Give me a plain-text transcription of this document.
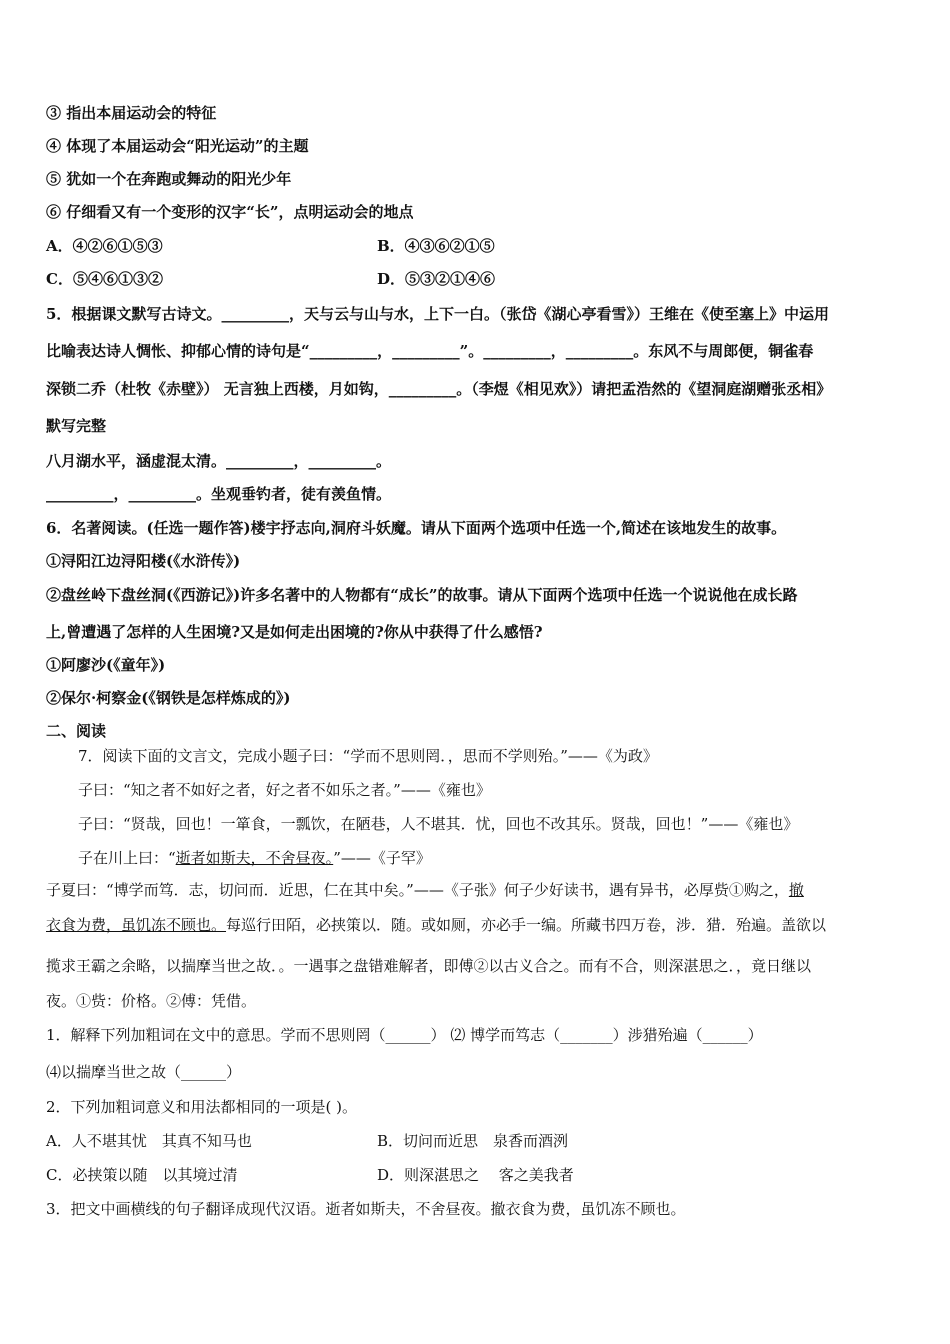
③ 指出本届运动会的特征
④ 体现了本届运动会“阳光运动”的主题
⑤ 犹如一个在奔跑或舞动的阳光少年
⑥ 仔细看又有一个变形的汉字“长”，点明运动会的地点
A．④②⑥①⑤③	B．④③⑥②①⑤
C．⑤④⑥①③②	D．⑤③②①④⑥
5．根据课文默写古诗文。_________，天与云与山与水，上下一白。（张岱《湖心亭看雪》）王维在《使至塞上》中运用
比喻表达诗人惆怅、抑郁心情的诗句是“_________，_________”。_________，_________。东风不与周郎便，铜雀春
深锁二乔（杜牧《赤壁》） 无言独上西楼，月如钩，_________。（李煜《相见欢》）请把孟浩然的《望洞庭湖赠张丞相》
默写完整
八月湖水平，涵虚混太清。_________，_________。
_________，_________。坐观垂钓者，徒有羡鱼情。
6．名著阅读。(任选一题作答)楼宇抒志向,洞府斗妖魔。请从下面两个选项中任选一个,简述在该地发生的故事。
①浔阳江边浔阳楼(《水浒传》)
②盘丝岭下盘丝洞(《西游记》)许多名著中的人物都有“成长”的故事。请从下面两个选项中任选一个说说他在成长路
上,曾遭遇了怎样的人生困境?又是如何走出困境的?你从中获得了什么感悟?
①阿廖沙(《童年》)
②保尔·柯察金(《钢铁是怎样炼成的》)
二、阅读
7．阅读下面的文言文，完成小题子曰：“学而不思则罔．，思而不学则殆。”——《为政》
子曰：“知之者不如好之者，好之者不如乐之者。”——《雍也》
子曰：“贤哉，回也！一箪食，一瓢饮，在陋巷，人不堪其．忧，回也不改其乐。贤哉，回也！”——《雍也》
子在川上曰：“逝者如斯夫，不舍昼夜。”——《子罕》
子夏曰：“博学而笃．志，切问而．近思，仁在其中矣。”——《子张》何子少好读书，遇有异书，必厚赀①购之，撤
衣食为费，虽饥冻不顾也。每巡行田陌，必挟策以．随。或如厕，亦必手一编。所藏书四万卷，涉．猎．殆遍。盖欲以
揽求王霸之余略，以揣摩当世之故．。一遇事之盘错难解者，即傅②以古义合之。而有不合，则深湛思之．，竟日继以
夜。①赀：价格。②傅：凭借。
1．解释下列加粗词在文中的意思。学而不思则罔（______） ⑵ 博学而笃志（_______）涉猎殆遍（______）
⑷以揣摩当世之故（______）
2．下列加粗词意义和用法都相同的一项是( )。
A．人不堪其忧　其真不知马也	B．切问而近思　泉香而酒洌
C．必挟策以随　以其境过清	D．则深湛思之　 客之美我者
3．把文中画横线的句子翻译成现代汉语。逝者如斯夫，不舍昼夜。撤衣食为费，虽饥冻不顾也。
